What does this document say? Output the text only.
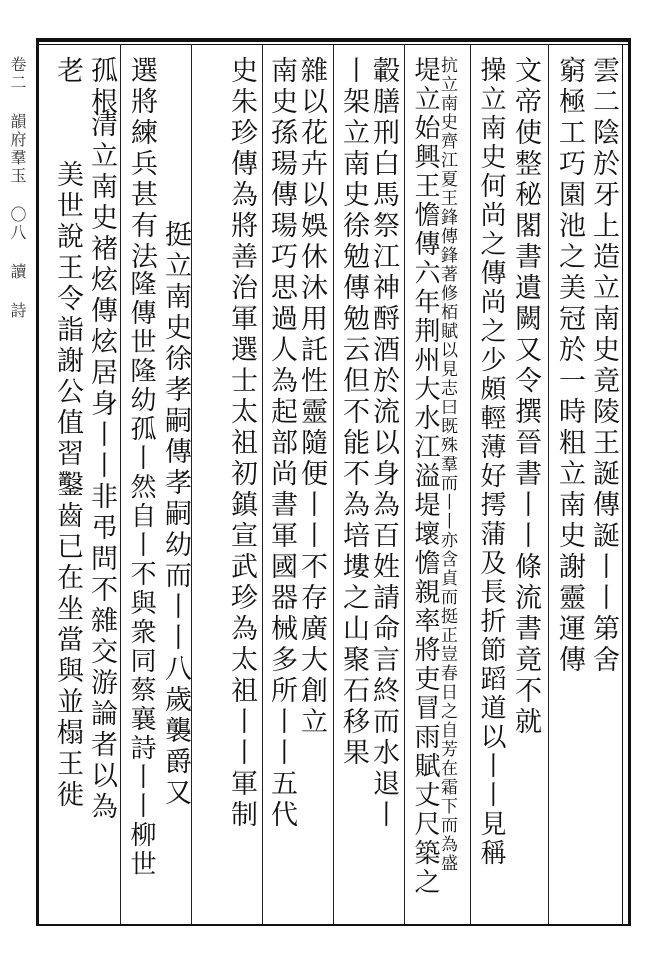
卷二 韻府羣玉 〇八 讀 詩	雲二陰於牙上造立南史竟陵王誕傳誕丨丨第舍
窮極工巧園池之美冠於一時粗立南史謝靈運傳
文帝使整秘閣書遺闕又令撰晉書丨丨條流書竟不就
操立南史何尚之傳尚之少頗輕薄好摴蒲及長折節蹈道以丨丨見稱
抗立南史齊江夏王鋒傳鋒著修栢賦以見志曰既殊羣而丨丨亦含貞而挺正豈春日之自芳在霜下而為盛
堤立始興王憺傳六年荆州大水江溢堤壞憺親率將吏冒雨賦丈尺築之
轂膳刑白馬祭江神酹酒於流以身為百姓請命言終而水退丨
丨架立南史徐勉傳勉云但不能不為培塿之山聚石移果
雜以花卉以娛休沐用託性靈隨便丨丨不存廣大創立
南史孫瑒傳瑒巧思過人為起部尚書軍國器械多所丨丨五代
史朱珍傳為將善治軍選士太祖初鎮宣武珍為太祖丨丨軍制
挺立南史徐孝嗣傳孝嗣幼而丨丨八歲襲爵又
選將練兵甚有法
隆傳世隆幼孤丨然自丨不與衆同蔡襄詩丨丨柳世
清立南史褚炫傳炫居身丨丨非弔問不雜交游論者以為
孤根
美世說王令詣謝公值習鑿齒已在坐當與並榻王徙
老
